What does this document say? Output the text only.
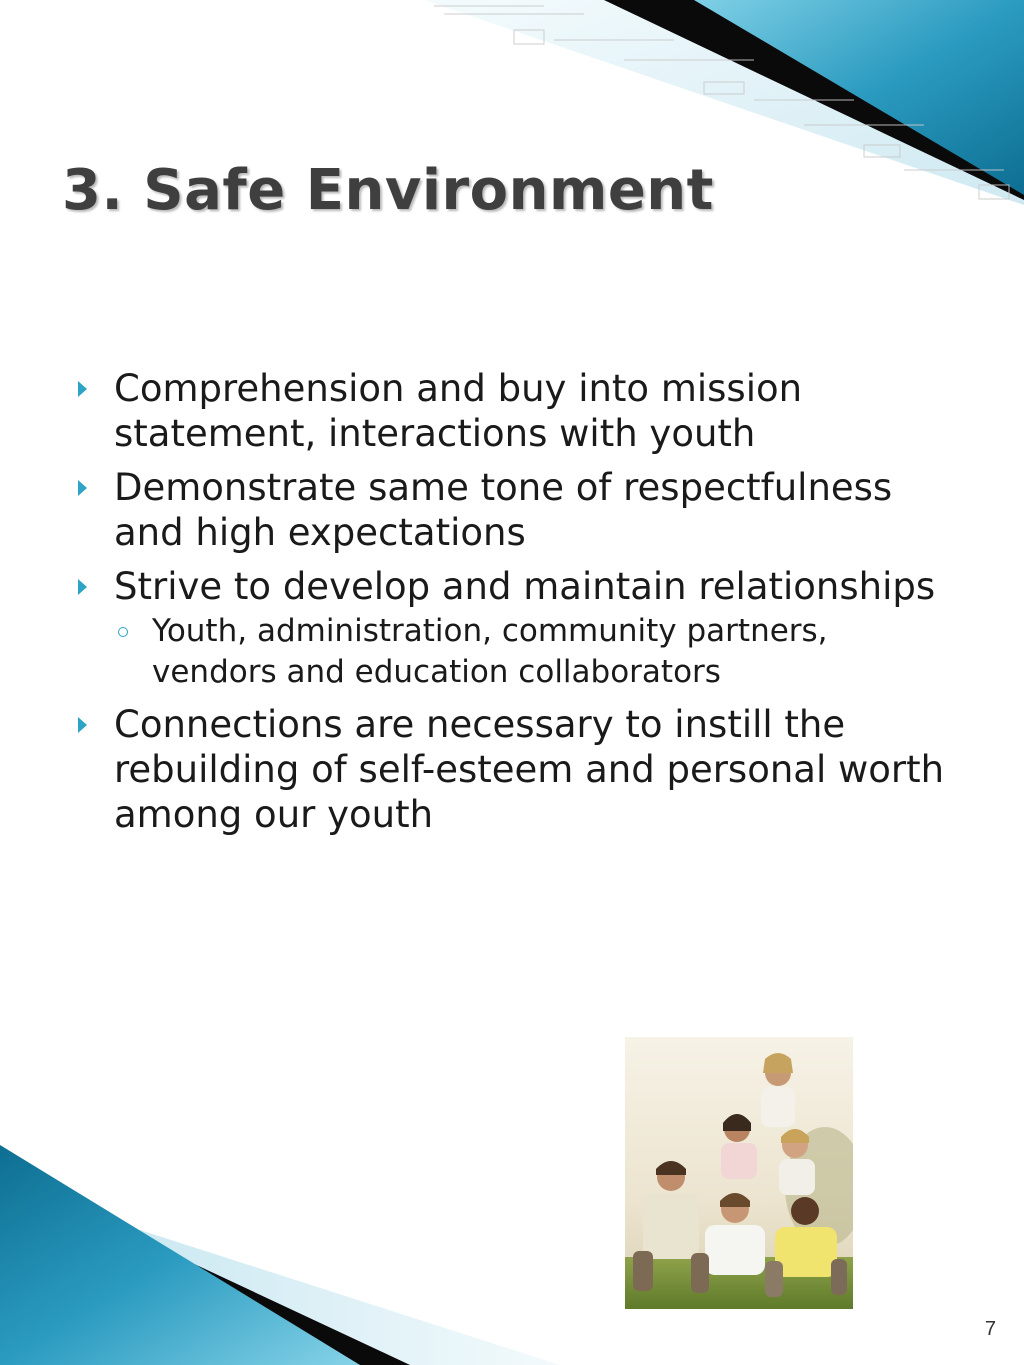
3. Safe Environment
Comprehension and buy into mission
statement, interactions with youth
Demonstrate same tone of respectfulness
and high expectations
Strive to develop and maintain relationships
Youth, administration, community partners,
vendors and education collaborators
Connections are necessary to instill the
rebuilding of self-esteem and personal worth
among our youth
7
